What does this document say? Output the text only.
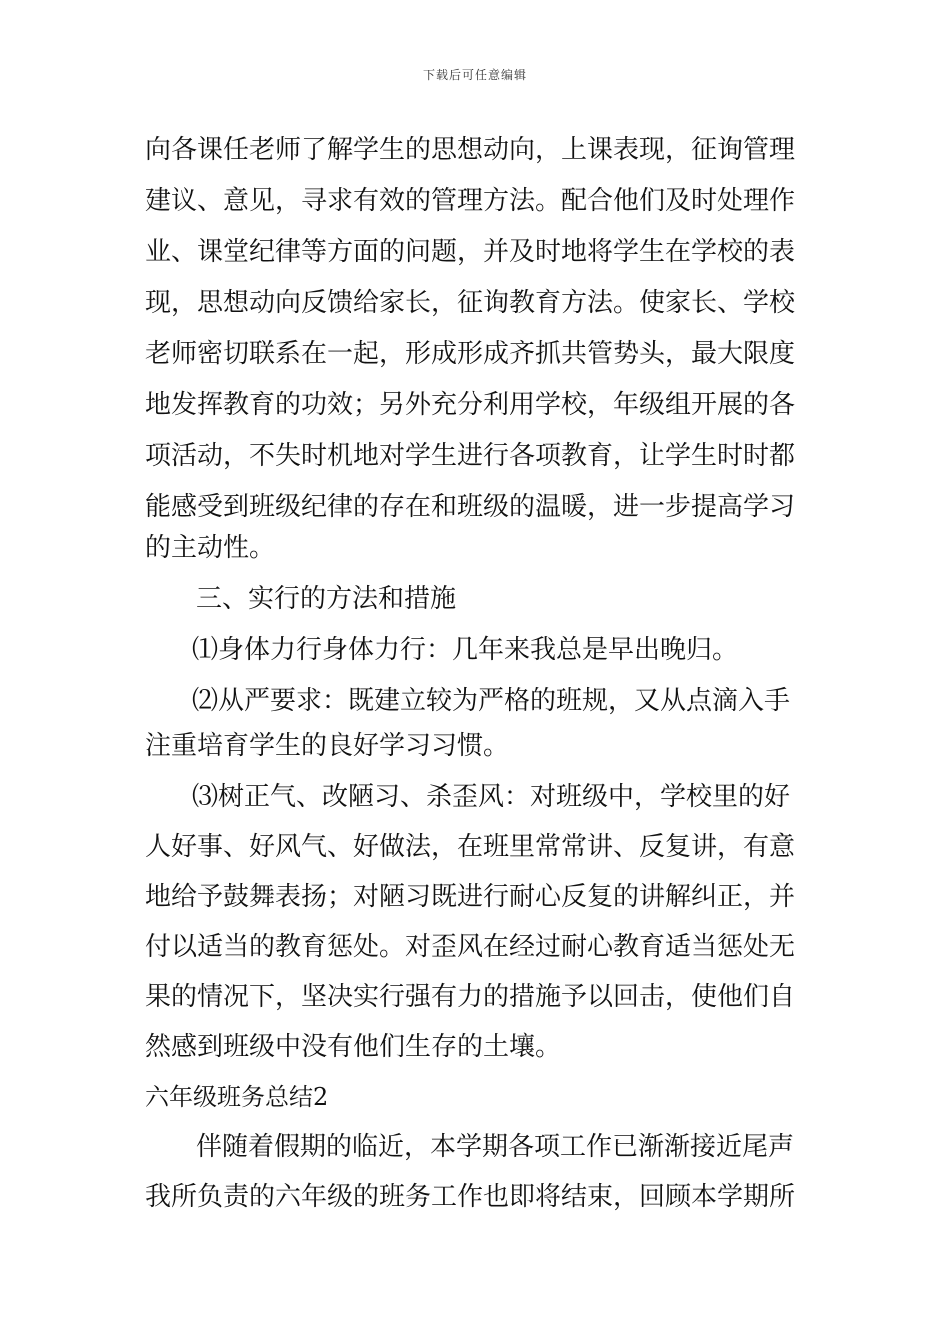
下载后可任意编辑
向各课任老师了解学生的思想动向，上课表现，征询管理
建议、意见，寻求有效的管理方法。配合他们及时处理作
业、课堂纪律等方面的问题，并及时地将学生在学校的表
现，思想动向反馈给家长，征询教育方法。使家长、学校
老师密切联系在一起，形成形成齐抓共管势头，最大限度
地发挥教育的功效；另外充分利用学校，年级组开展的各
项活动，不失时机地对学生进行各项教育，让学生时时都
能感受到班级纪律的存在和班级的温暖，进一步提高学习
的主动性。
三、实行的方法和措施
⑴身体力行身体力行：几年来我总是早出晚归。
⑵从严要求：既建立较为严格的班规，又从点滴入手
注重培育学生的良好学习习惯。
⑶树正气、改陋习、杀歪风：对班级中，学校里的好
人好事、好风气、好做法，在班里常常讲、反复讲，有意
地给予鼓舞表扬；对陋习既进行耐心反复的讲解纠正，并
付以适当的教育惩处。对歪风在经过耐心教育适当惩处无
果的情况下，坚决实行强有力的措施予以回击，使他们自
然感到班级中没有他们生存的土壤。
六年级班务总结2
伴随着假期的临近，本学期各项工作已渐渐接近尾声
我所负责的六年级的班务工作也即将结束，回顾本学期所
